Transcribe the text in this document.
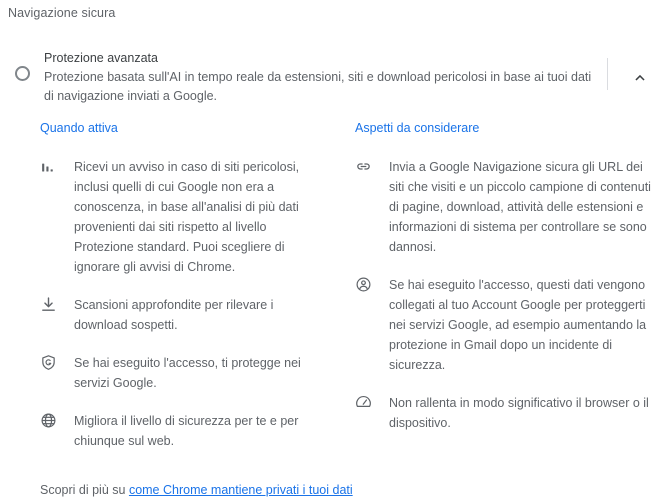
Navigazione sicura
Protezione avanzata
Protezione basata sull'AI in tempo reale da estensioni, siti e download pericolosi in base ai tuoi dati di navigazione inviati a Google.
Quando attiva
Ricevi un avviso in caso di siti pericolosi, inclusi quelli di cui Google non era a conoscenza, in base all'analisi di più dati provenienti dai siti rispetto al livello Protezione standard. Puoi scegliere di ignorare gli avvisi di Chrome.
Scansioni approfondite per rilevare i download sospetti.
Se hai eseguito l'accesso, ti protegge nei servizi Google.
Migliora il livello di sicurezza per te e per chiunque sul web.
Aspetti da considerare
Invia a Google Navigazione sicura gli URL dei siti che visiti e un piccolo campione di contenuti di pagine, download, attività delle estensioni e informazioni di sistema per controllare se sono dannosi.
Se hai eseguito l'accesso, questi dati vengono collegati al tuo Account Google per proteggerti nei servizi Google, ad esempio aumentando la protezione in Gmail dopo un incidente di sicurezza.
Non rallenta in modo significativo il browser o il dispositivo.
Scopri di più su come Chrome mantiene privati i tuoi dati
